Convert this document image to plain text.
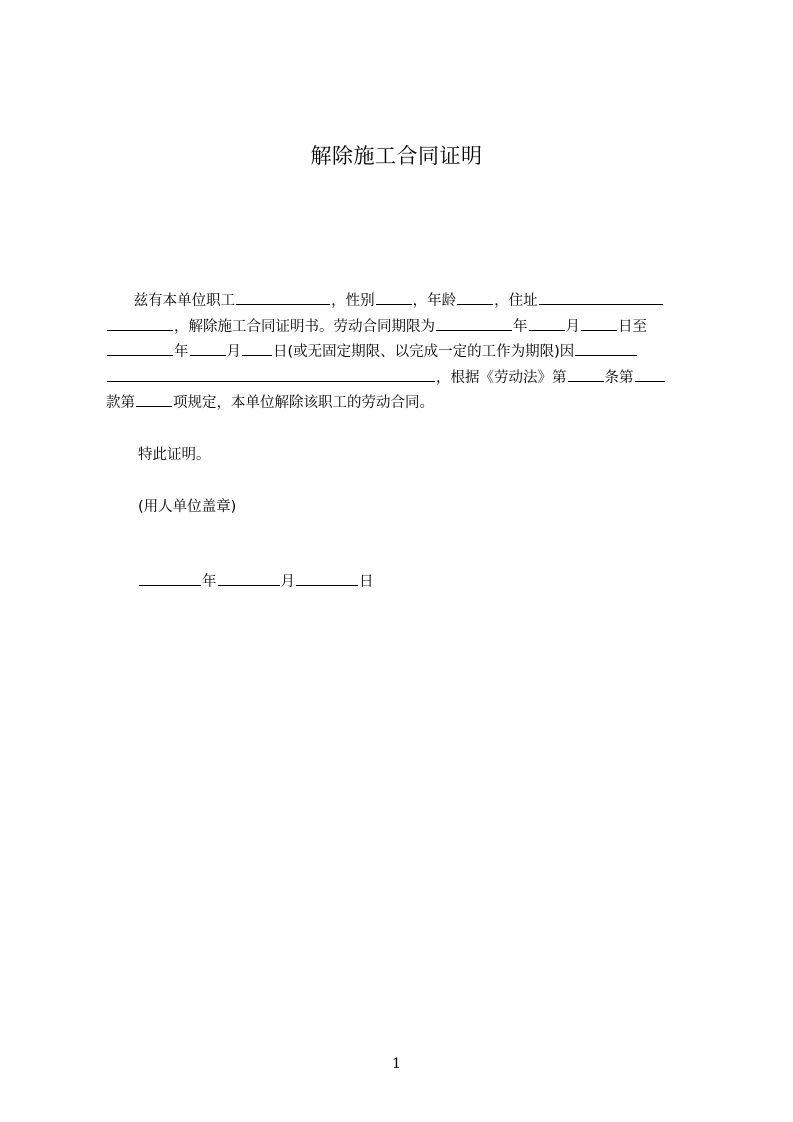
解除施工合同证明

兹有本单位职工	，性别	，年龄	，住址
，解除施工合同证明书。劳动合同期限为	年	月	日至
年	月 日(或无固定期限、以完成一定的工作为期限)因
，根据《劳动法》第	条第
款第	项规定，本单位解除该职工的劳动合同。

特此证明。

(用人单位盖章)

年	月	日

1
